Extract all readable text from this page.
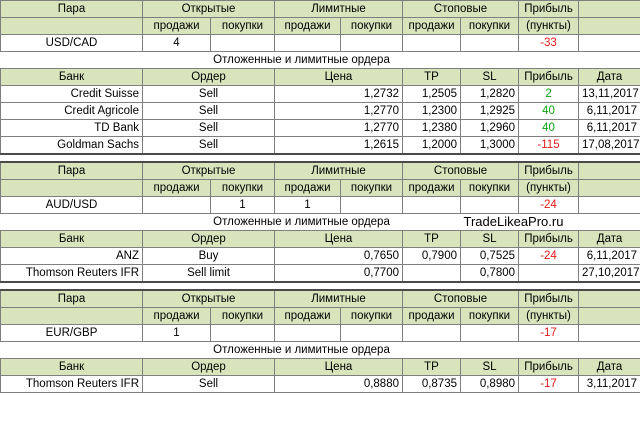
Пара	Открытые		Лимитные		Стоповые		Прибыль	
	продажи	покупки	продажи	покупки	продажи	покупки	(пункты)	
USD/CAD	4						-33	
	Отложенные и лимитные ордера							
Банк	Ордер		Цена		TP	SL	Прибыль	Дата
Credit Suisse	Sell		1,2732		1,2505	1,2820	2	13,11,2017
Credit Agricole	Sell		1,2770		1,2300	1,2925	40	6,11,2017
TD Bank	Sell		1,2770		1,2380	1,2960	40	6,11,2017
Goldman Sachs	Sell		1,2615		1,2000	1,3000	-115	17,08,2017

Пара	Открытые		Лимитные		Стоповые		Прибыль	
	продажи	покупки	продажи	покупки	продажи	покупки	(пункты)	
AUD/USD		1	1				-24	
	Отложенные и лимитные ордера					TradeLikeaPro.ru		
Банк	Ордер		Цена		TP	SL	Прибыль	Дата
ANZ	Buy		0,7650		0,7900	0,7525	-24	6,11,2017
Thomson Reuters IFR	Sell limit		0,7700			0,7800		27,10,2017

Пара	Открытые		Лимитные		Стоповые		Прибыль	
	продажи	покупки	продажи	покупки	продажи	покупки	(пункты)	
EUR/GBP	1						-17	
	Отложенные и лимитные ордера							
Банк	Ордер		Цена		TP	SL	Прибыль	Дата
Thomson Reuters IFR	Sell		0,8880		0,8735	0,8980	-17	3,11,2017
